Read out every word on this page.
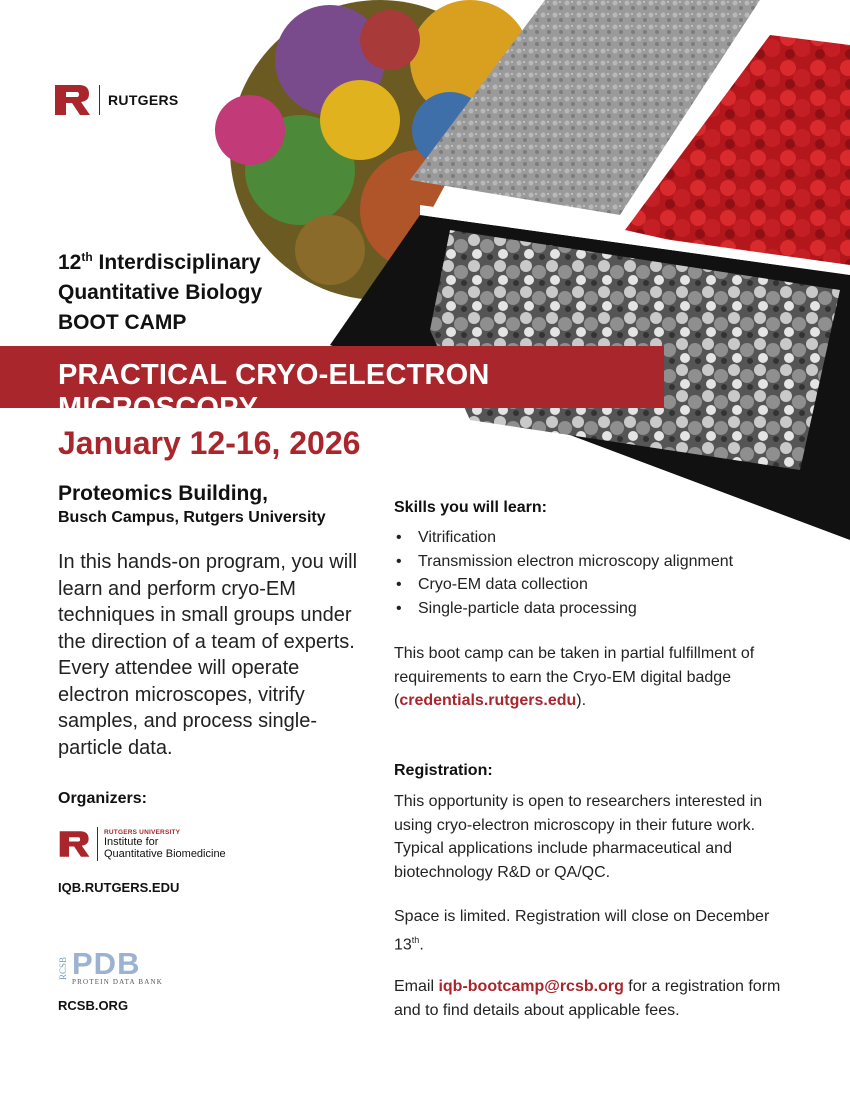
RUTGERS
12th Interdisciplinary
Quantitative Biology
BOOT CAMP
PRACTICAL CRYO-ELECTRON MICROSCOPY
January 12-16, 2026
Proteomics Building,
Busch Campus, Rutgers University
In this hands-on program, you will learn and perform cryo-EM techniques in small groups under the direction of a team of experts. Every attendee will operate electron microscopes, vitrify samples, and process single-particle data.
Organizers:
RUTGERS UNIVERSITY
Institute for
Quantitative Biomedicine
IQB.RUTGERS.EDU
RCSB PDB
PROTEIN DATA BANK
RCSB.ORG
Skills you will learn:
• Vitrification
• Transmission electron microscopy alignment
• Cryo-EM data collection
• Single-particle data processing
This boot camp can be taken in partial fulfillment of requirements to earn the Cryo-EM digital badge (credentials.rutgers.edu).
Registration:
This opportunity is open to researchers interested in using cryo-electron microscopy in their future work. Typical applications include pharmaceutical and biotechnology R&D or QA/QC.
Space is limited. Registration will close on December 13th.
Email iqb-bootcamp@rcsb.org for a registration form and to find details about applicable fees.
